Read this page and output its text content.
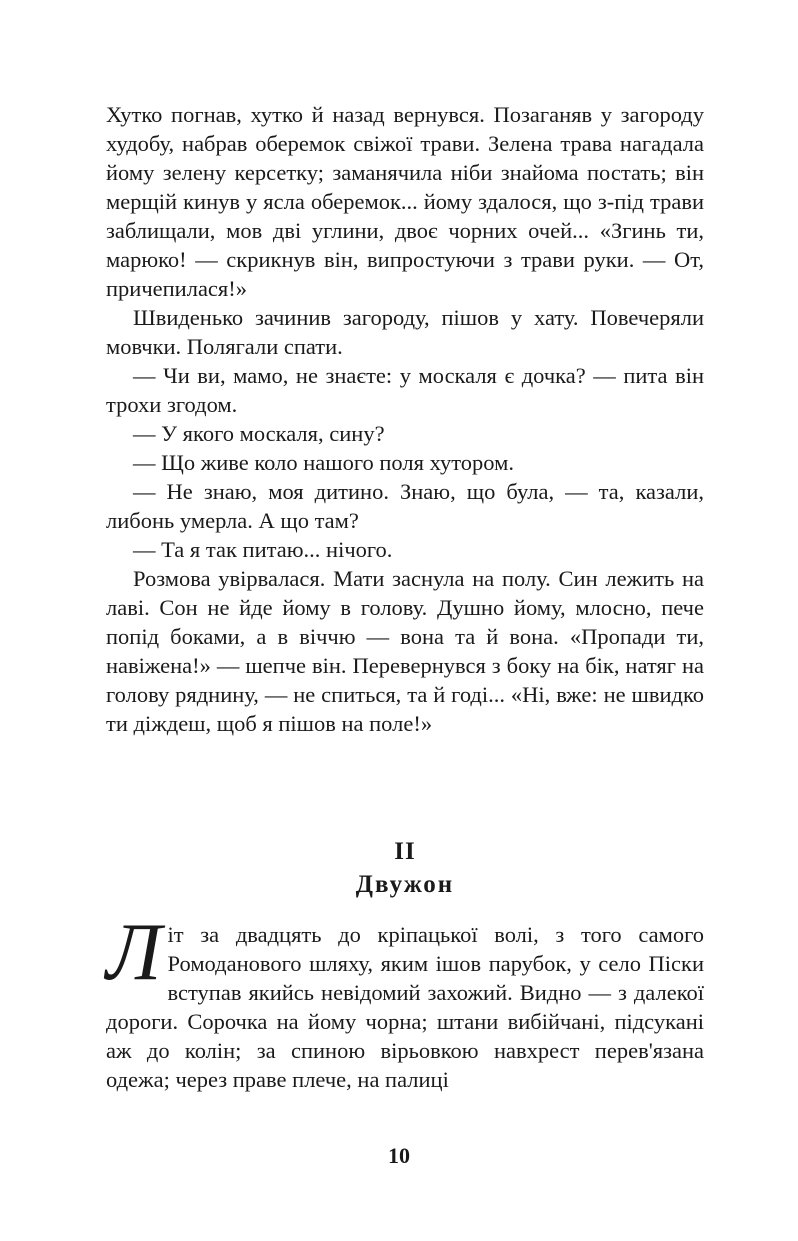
Хутко погнав, хутко й назад вернувся. Позаганяв у загороду худобу, набрав оберемок свіжої трави. Зелена трава нагадала йому зелену керсетку; заманячила ніби знайома постать; він мерщій кинув у ясла оберемок... йому здалося, що з-під трави заблищали, мов дві углини, двоє чорних очей... «Згинь ти, марюко! — скрикнув він, випростуючи з трави руки. — От, причепилася!»

Швиденько зачинив загороду, пішов у хату. Повечеряли мовчки. Полягали спати.

— Чи ви, мамо, не знаєте: у москаля є дочка? — пита він трохи згодом.

— У якого москаля, сину?

— Що живе коло нашого поля хутором.

— Не знаю, моя дитино. Знаю, що була, — та, казали, либонь умерла. А що там?

— Та я так питаю... нічого.

Розмова увірвалася. Мати заснула на полу. Син лежить на лаві. Сон не йде йому в голову. Душно йому, млосно, пече попід боками, а в віччю — вона та й вона. «Пропади ти, навіжена!» — шепче він. Перевернувся з боку на бік, натяг на голову ряднину, — не спиться, та й годі... «Ні, вже: не швидко ти діждеш, щоб я пішов на поле!»

II

Двужон

Літ за двадцять до кріпацької волі, з того самого Ромоданового шляху, яким ішов парубок, у село Піски вступав якийсь невідомий захожий. Видно — з далекої дороги. Сорочка на йому чорна; штани вибійчані, підсукані аж до колін; за спиною вірьовкою навхрест перев'язана одежа; через праве плече, на палиці

10
